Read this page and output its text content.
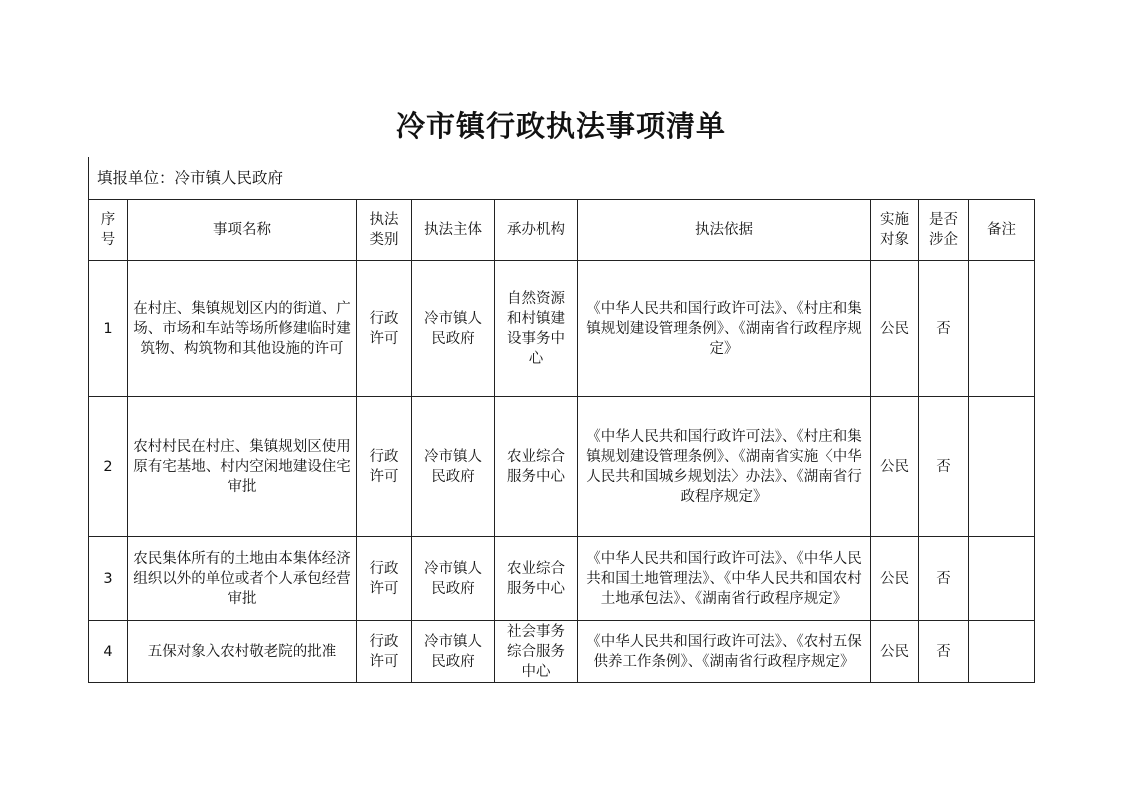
冷市镇行政执法事项清单
填报单位：冷市镇人民政府
序号	事项名称	执法类别	执法主体	承办机构	执法依据	实施对象	是否涉企	备注
1	在村庄、集镇规划区内的街道、广场、市场和车站等场所修建临时建筑物、构筑物和其他设施的许可	行政许可	冷市镇人民政府	自然资源和村镇建设事务中心	《中华人民共和国行政许可法》、《村庄和集镇规划建设管理条例》、《湖南省行政程序规定》	公民	否	
2	农村村民在村庄、集镇规划区使用原有宅基地、村内空闲地建设住宅审批	行政许可	冷市镇人民政府	农业综合服务中心	《中华人民共和国行政许可法》、《村庄和集镇规划建设管理条例》、《湖南省实施〈中华人民共和国城乡规划法〉办法》、《湖南省行政程序规定》	公民	否	
3	农民集体所有的土地由本集体经济组织以外的单位或者个人承包经营审批	行政许可	冷市镇人民政府	农业综合服务中心	《中华人民共和国行政许可法》、《中华人民共和国土地管理法》、《中华人民共和国农村土地承包法》、《湖南省行政程序规定》	公民	否	
4	五保对象入农村敬老院的批准	行政许可	冷市镇人民政府	社会事务综合服务中心	《中华人民共和国行政许可法》、《农村五保供养工作条例》、《湖南省行政程序规定》	公民	否	
